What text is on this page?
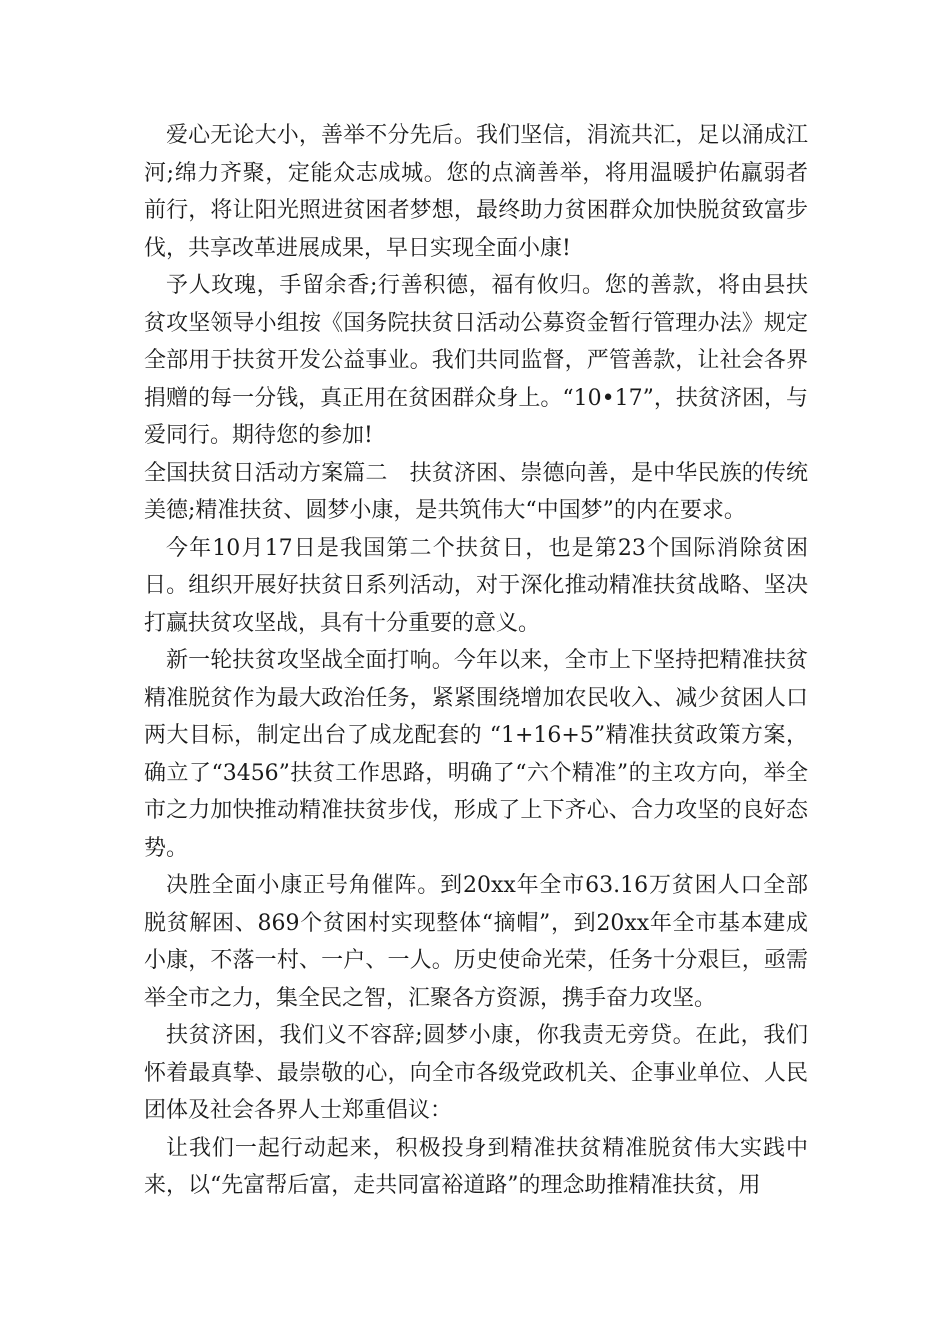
爱心无论大小，善举不分先后。我们坚信，涓流共汇，足以涌成江河;绵力齐聚，定能众志成城。您的点滴善举，将用温暖护佑羸弱者前行，将让阳光照进贫困者梦想，最终助力贫困群众加快脱贫致富步伐，共享改革进展成果，早日实现全面小康!

予人玫瑰，手留余香;行善积德，福有攸归。您的善款，将由县扶贫攻坚领导小组按《国务院扶贫日活动公募资金暂行管理办法》规定全部用于扶贫开发公益事业。我们共同监督，严管善款，让社会各界捐赠的每一分钱，真正用在贫困群众身上。“10•17”，扶贫济困，与爱同行。期待您的参加!

全国扶贫日活动方案篇二　扶贫济困、崇德向善，是中华民族的传统美德;精准扶贫、圆梦小康，是共筑伟大“中国梦”的内在要求。

今年10月17日是我国第二个扶贫日，也是第23个国际消除贫困日。组织开展好扶贫日系列活动，对于深化推动精准扶贫战略、坚决打赢扶贫攻坚战，具有十分重要的意义。

新一轮扶贫攻坚战全面打响。今年以来，全市上下坚持把精准扶贫精准脱贫作为最大政治任务，紧紧围绕增加农民收入、减少贫困人口两大目标，制定出台了成龙配套的 “1+16+5”精准扶贫政策方案，确立了“3456”扶贫工作思路，明确了“六个精准”的主攻方向，举全市之力加快推动精准扶贫步伐，形成了上下齐心、合力攻坚的良好态势。

决胜全面小康正号角催阵。到20xx年全市63.16万贫困人口全部脱贫解困、869个贫困村实现整体“摘帽”，到20xx年全市基本建成小康，不落一村、一户、一人。历史使命光荣，任务十分艰巨，亟需举全市之力，集全民之智，汇聚各方资源，携手奋力攻坚。

扶贫济困，我们义不容辞;圆梦小康，你我责无旁贷。在此，我们怀着最真挚、最崇敬的心，向全市各级党政机关、企事业单位、人民团体及社会各界人士郑重倡议：

让我们一起行动起来，积极投身到精准扶贫精准脱贫伟大实践中来，以“先富帮后富，走共同富裕道路”的理念助推精准扶贫，用
